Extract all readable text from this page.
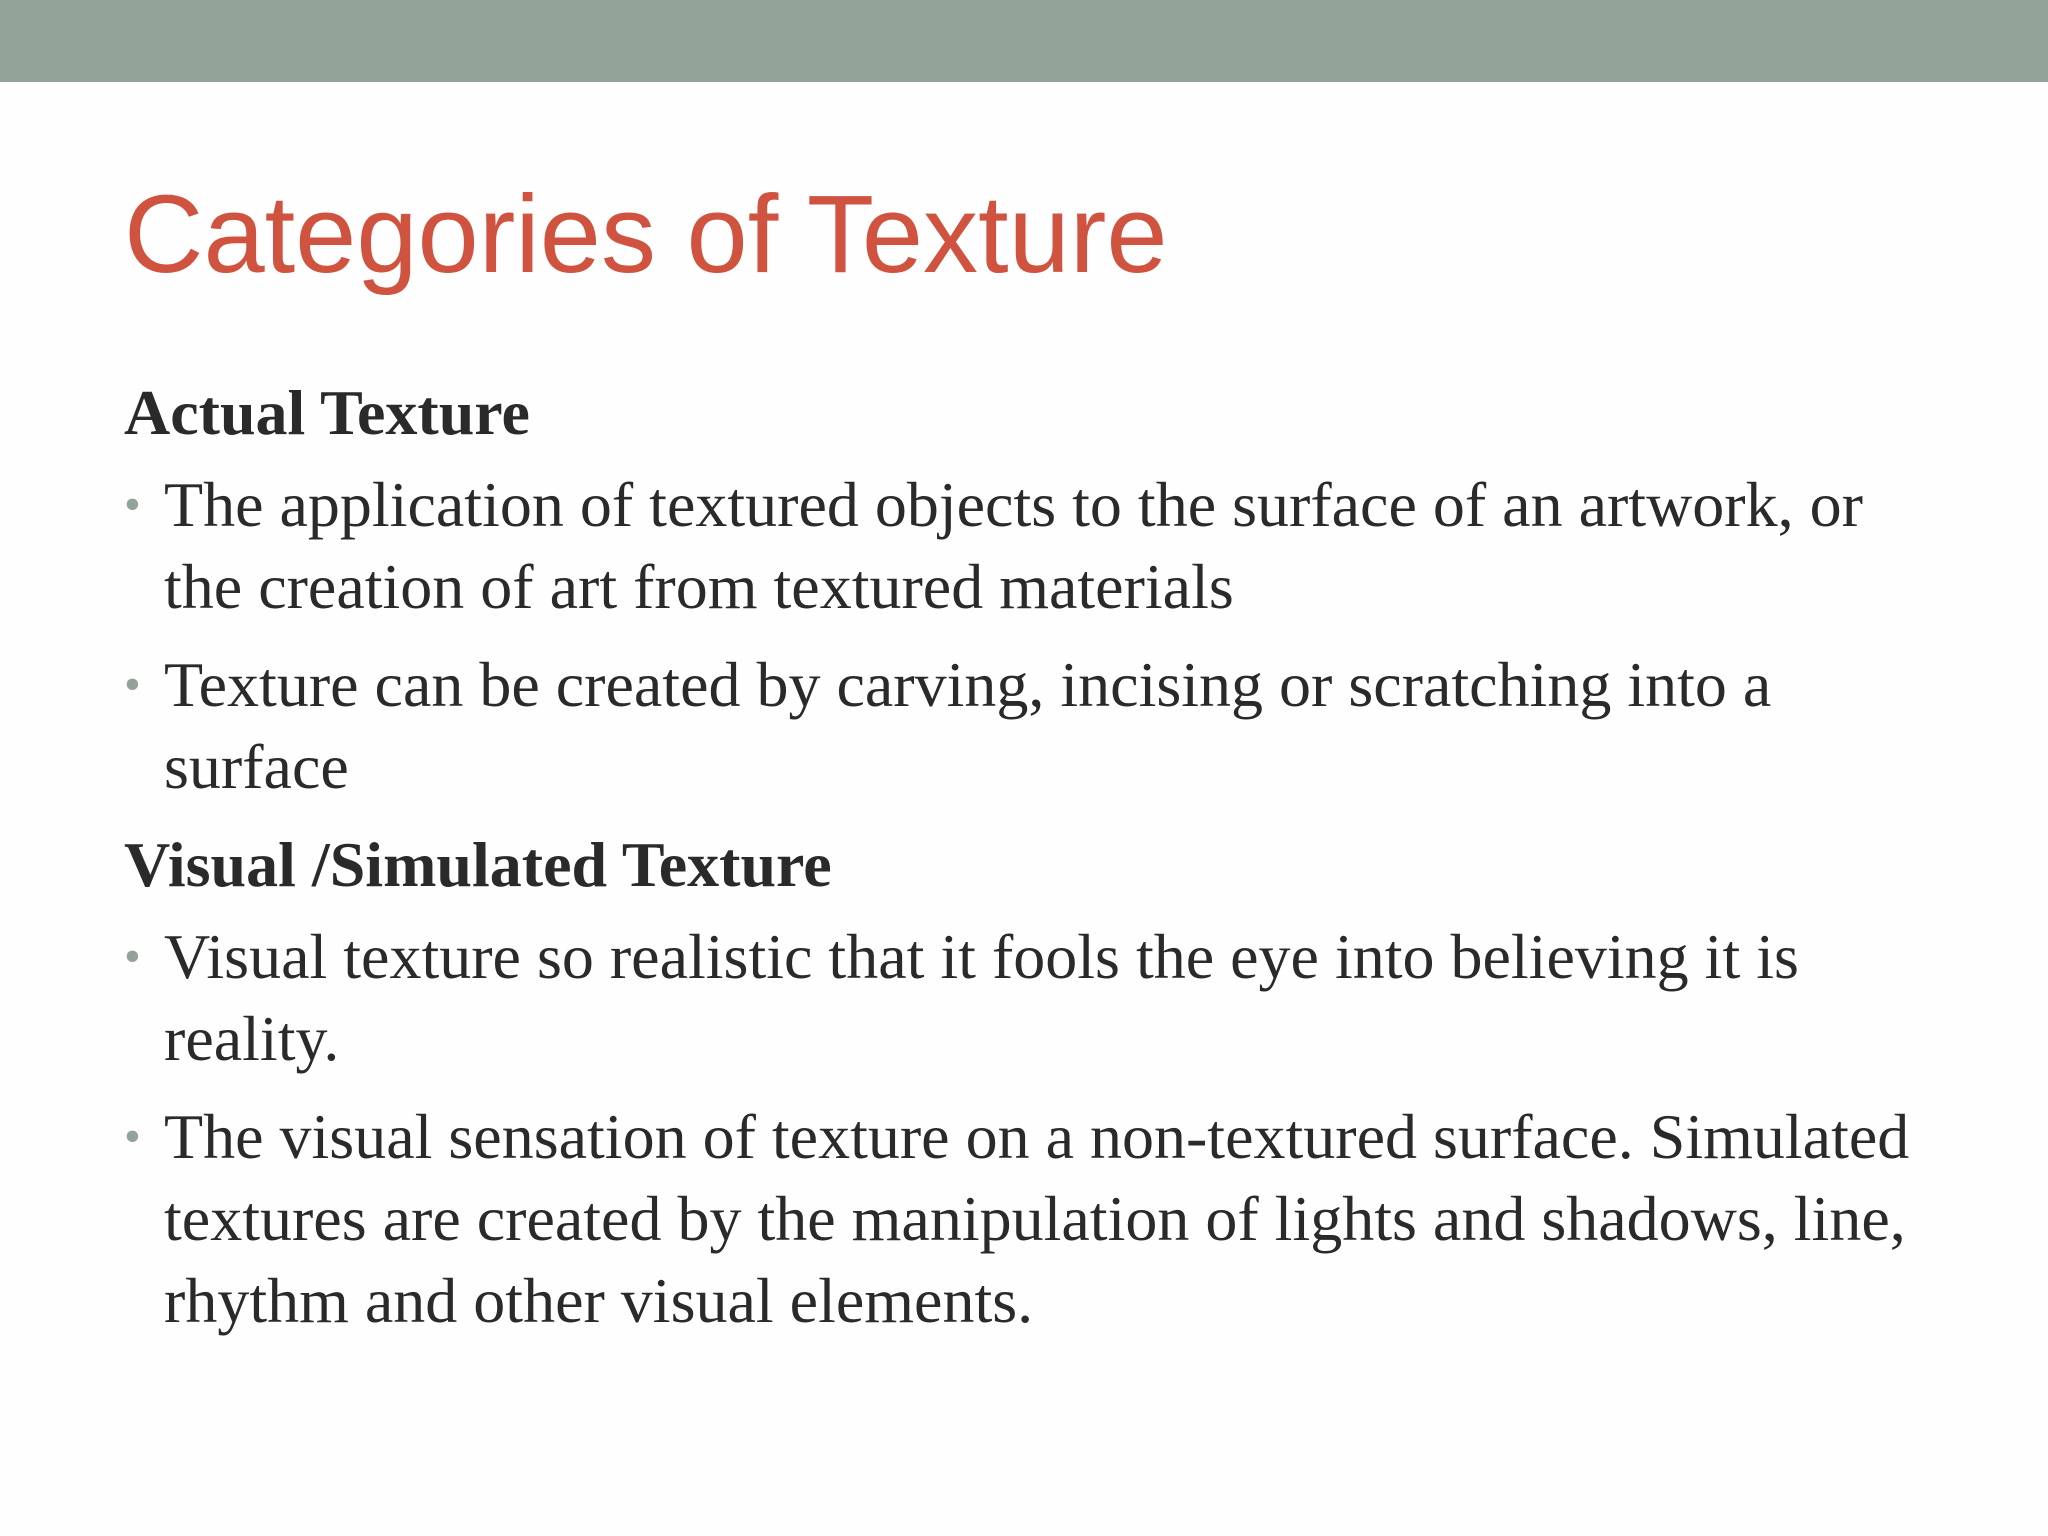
Categories of Texture
Actual Texture
• The application of textured objects to the surface of an artwork, or the creation of art from textured materials
• Texture can be created by carving, incising or scratching into a surface
Visual /Simulated Texture
• Visual texture so realistic that it fools the eye into believing it is reality.
• The visual sensation of texture on a non-textured surface. Simulated textures are created by the manipulation of lights and shadows, line, rhythm and other visual elements.
